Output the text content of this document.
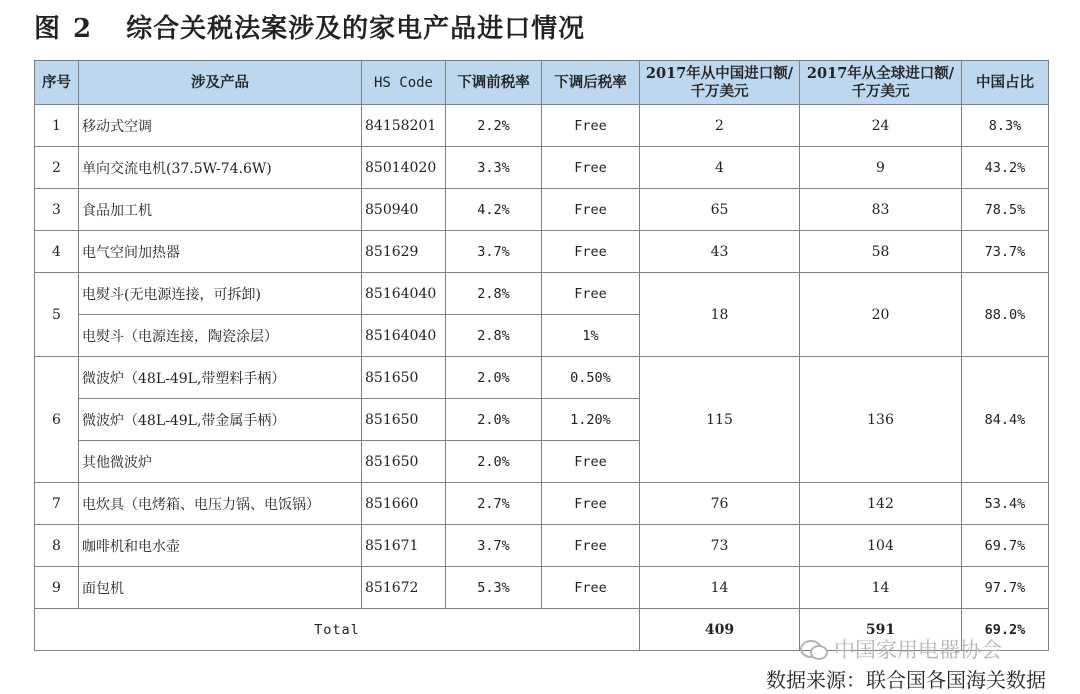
图 2 综合关税法案涉及的家电产品进口情况
序号	涉及产品	HS Code	下调前税率	下调后税率	2017年从中国进口额/千万美元	2017年从全球进口额/千万美元	中国占比
1	移动式空调	84158201	2.2%	Free	2	24	8.3%
2	单向交流电机(37.5W-74.6W)	85014020	3.3%	Free	4	9	43.2%
3	食品加工机	850940	4.2%	Free	65	83	78.5%
4	电气空间加热器	851629	3.7%	Free	43	58	73.7%
5	电熨斗(无电源连接，可拆卸)	85164040	2.8%	Free	18	20	88.0%
	电熨斗（电源连接，陶瓷涂层）	85164040	2.8%	1%			
6	微波炉（48L-49L,带塑料手柄）	851650	2.0%	0.50%	115	136	84.4%
	微波炉（48L-49L,带金属手柄）	851650	2.0%	1.20%			
	其他微波炉	851650	2.0%	Free			
7	电炊具（电烤箱、电压力锅、电饭锅）	851660	2.7%	Free	76	142	53.4%
8	咖啡机和电水壶	851671	3.7%	Free	73	104	69.7%
9	面包机	851672	5.3%	Free	14	14	97.7%
Total					409	591	69.2%
中国家用电器协会
数据来源：联合国各国海关数据
